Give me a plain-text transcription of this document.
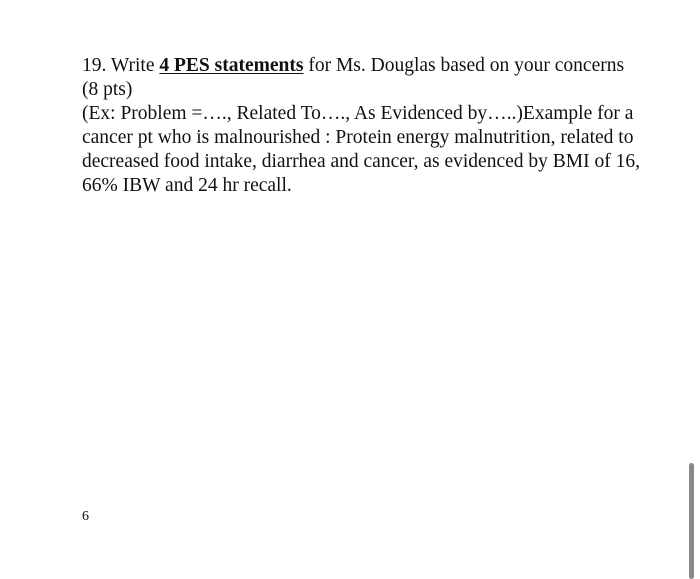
19. Write 4 PES statements for Ms. Douglas based on your concerns (8 pts)

(Ex: Problem =…., Related To…., As Evidenced by…..)Example for a cancer pt who is malnourished : Protein energy malnutrition, related to decreased food intake, diarrhea and cancer, as evidenced by BMI of 16, 66% IBW and 24 hr recall.

6
